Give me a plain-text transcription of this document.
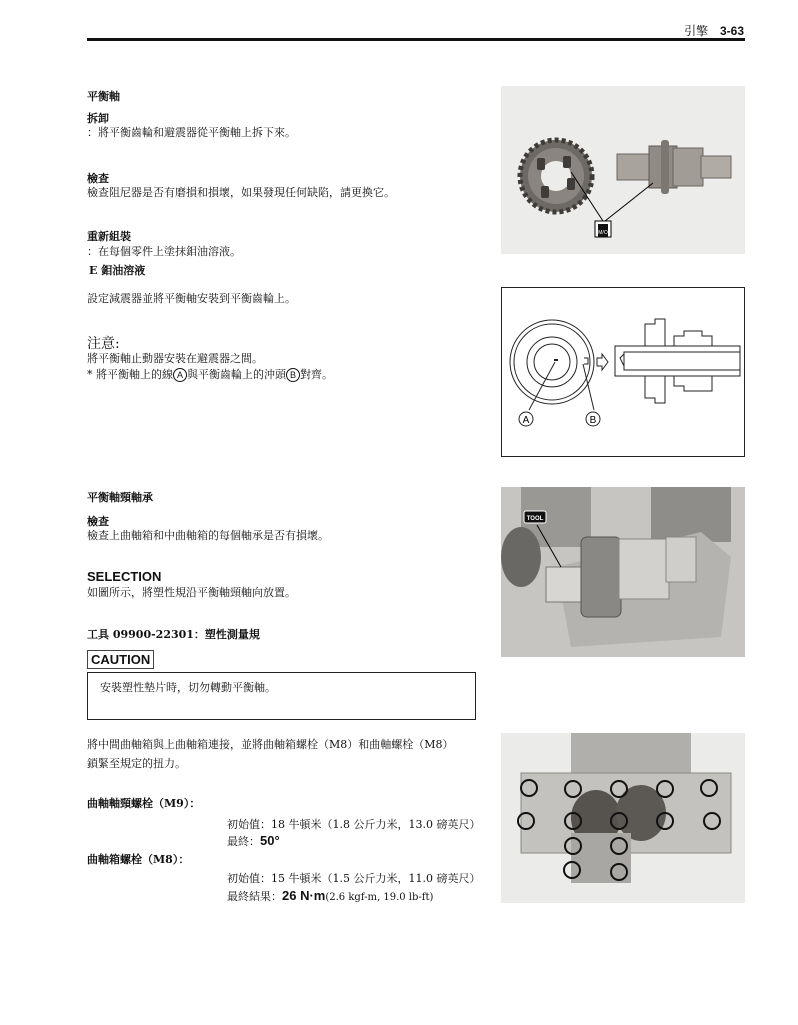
引擎 3-63
平衡軸
拆卸
：將平衡齒輪和避震器從平衡軸上拆下來。
檢查
檢查阻尼器是否有磨損和損壞，如果發現任何缺陷，請更換它。
重新組裝
：在每個零件上塗抹鉬油溶液。
E 鉬油溶液
設定減震器並將平衡軸安裝到平衡齒輪上。
注意:
將平衡軸止動器安裝在避震器之間。
* 將平衡軸上的線 A 與平衡齒輪上的沖頭 B 對齊。
平衡軸頸軸承
檢查
檢查上曲軸箱和中曲軸箱的每個軸承是否有損壞。
SELECTION
如圖所示，將塑性規沿平衡軸頸軸向放置。
工具 09900-22301：塑性測量規
CAUTION
安裝塑性墊片時，切勿轉動平衡軸。
將中間曲軸箱與上曲軸箱連接，並將曲軸箱螺栓（M8）和曲軸螺栓（M8）
鎖緊至規定的扭力。
曲軸軸頸螺栓（M9）：
初始值：18 牛頓米（1.8 公斤力米，13.0 磅英尺）
最終：50°
曲軸箱螺栓（M8）：
初始值：15 牛頓米（1.5 公斤力米，11.0 磅英尺）
最終結果：26 N·m(2.6 kgf-m, 19.0 lb-ft)
M/O
A	B
TOOL
